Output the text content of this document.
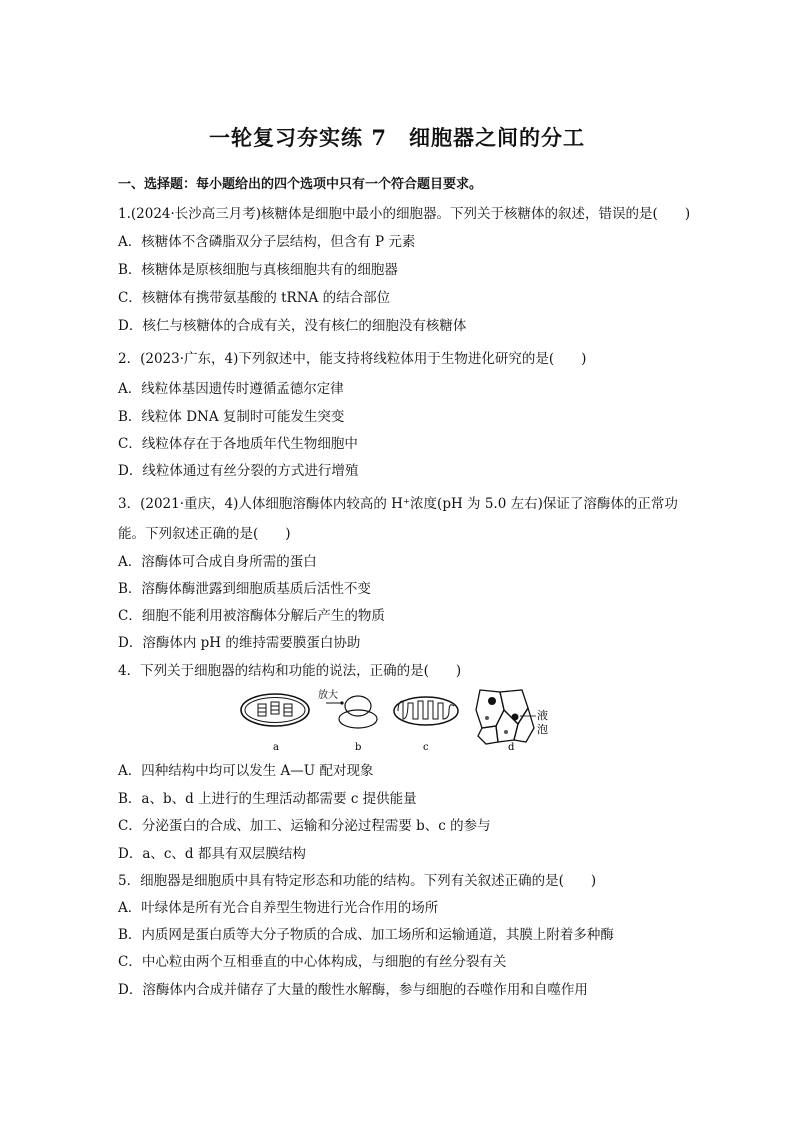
一轮复习夯实练 7　细胞器之间的分工
一、选择题：每小题给出的四个选项中只有一个符合题目要求。
1.(2024·长沙高三月考)核糖体是细胞中最小的细胞器。下列关于核糖体的叙述，错误的是(　　)
A．核糖体不含磷脂双分子层结构，但含有 P 元素
B．核糖体是原核细胞与真核细胞共有的细胞器
C．核糖体有携带氨基酸的 tRNA 的结合部位
D．核仁与核糖体的合成有关，没有核仁的细胞没有核糖体
2．(2023·广东，4)下列叙述中，能支持将线粒体用于生物进化研究的是(　　)
A．线粒体基因遗传时遵循孟德尔定律
B．线粒体 DNA 复制时可能发生突变
C．线粒体存在于各地质年代生物细胞中
D．线粒体通过有丝分裂的方式进行增殖
3．(2021·重庆，4)人体细胞溶酶体内较高的 H⁺浓度(pH 为 5.0 左右)保证了溶酶体的正常功
能。下列叙述正确的是(　　)
A．溶酶体可合成自身所需的蛋白
B．溶酶体酶泄露到细胞质基质后活性不变
C．细胞不能利用被溶酶体分解后产生的物质
D．溶酶体内 pH 的维持需要膜蛋白协助
4．下列关于细胞器的结构和功能的说法，正确的是(　　)
放大
液
泡
a	b	c	d
A．四种结构中均可以发生 A—U 配对现象
B．a、b、d 上进行的生理活动都需要 c 提供能量
C．分泌蛋白的合成、加工、运输和分泌过程需要 b、c 的参与
D．a、c、d 都具有双层膜结构
5．细胞器是细胞质中具有特定形态和功能的结构。下列有关叙述正确的是(　　)
A．叶绿体是所有光合自养型生物进行光合作用的场所
B．内质网是蛋白质等大分子物质的合成、加工场所和运输通道，其膜上附着多种酶
C．中心粒由两个互相垂直的中心体构成，与细胞的有丝分裂有关
D．溶酶体内合成并储存了大量的酸性水解酶，参与细胞的吞噬作用和自噬作用
